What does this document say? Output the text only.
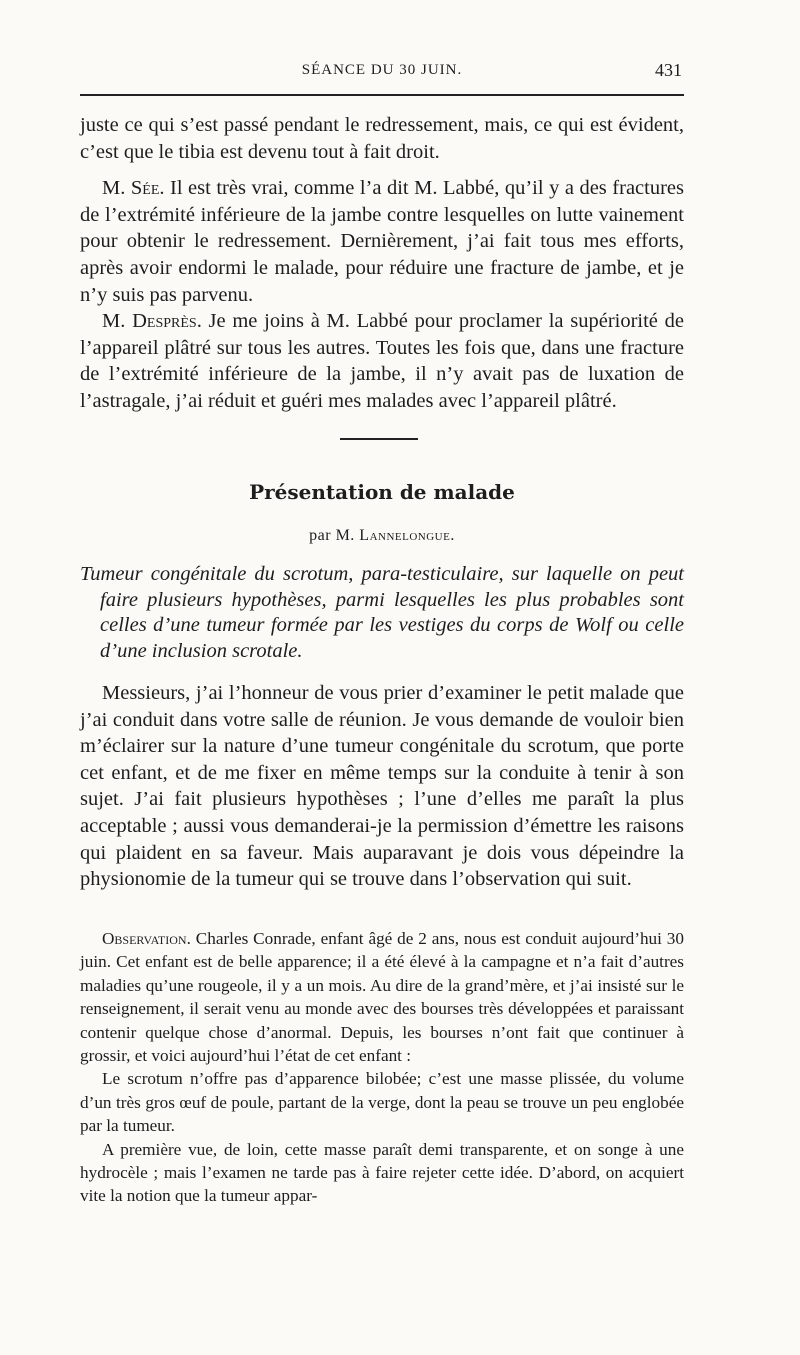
SÉANCE DU 30 JUIN.	431

juste ce qui s’est passé pendant le redressement, mais, ce qui est évident, c’est que le tibia est devenu tout à fait droit.

M. Sée. Il est très vrai, comme l’a dit M. Labbé, qu’il y a des fractures de l’extrémité inférieure de la jambe contre lesquelles on lutte vainement pour obtenir le redressement. Dernièrement, j’ai fait tous mes efforts, après avoir endormi le malade, pour réduire une fracture de jambe, et je n’y suis pas parvenu.

M. Desprès. Je me joins à M. Labbé pour proclamer la supériorité de l’appareil plâtré sur tous les autres. Toutes les fois que, dans une fracture de l’extrémité inférieure de la jambe, il n’y avait pas de luxation de l’astragale, j’ai réduit et guéri mes malades avec l’appareil plâtré.

Présentation de malade
par M. Lannelongue.

Tumeur congénitale du scrotum, para-testiculaire, sur laquelle on peut faire plusieurs hypothèses, parmi lesquelles les plus probables sont celles d’une tumeur formée par les vestiges du corps de Wolf ou celle d’une inclusion scrotale.

Messieurs, j’ai l’honneur de vous prier d’examiner le petit malade que j’ai conduit dans votre salle de réunion. Je vous demande de vouloir bien m’éclairer sur la nature d’une tumeur congénitale du scrotum, que porte cet enfant, et de me fixer en même temps sur la conduite à tenir à son sujet. J’ai fait plusieurs hypothèses ; l’une d’elles me paraît la plus acceptable ; aussi vous demanderai-je la permission d’émettre les raisons qui plaident en sa faveur. Mais auparavant je dois vous dépeindre la physionomie de la tumeur qui se trouve dans l’observation qui suit.

Observation. Charles Conrade, enfant âgé de 2 ans, nous est conduit aujourd’hui 30 juin. Cet enfant est de belle apparence; il a été élevé à la campagne et n’a fait d’autres maladies qu’une rougeole, il y a un mois. Au dire de la grand’mère, et j’ai insisté sur le renseignement, il serait venu au monde avec des bourses très développées et paraissant contenir quelque chose d’anormal. Depuis, les bourses n’ont fait que continuer à grossir, et voici aujourd’hui l’état de cet enfant :

Le scrotum n’offre pas d’apparence bilobée; c’est une masse plissée, du volume d’un très gros œuf de poule, partant de la verge, dont la peau se trouve un peu englobée par la tumeur.

A première vue, de loin, cette masse paraît demi transparente, et on songe à une hydrocèle ; mais l’examen ne tarde pas à faire rejeter cette idée. D’abord, on acquiert vite la notion que la tumeur appar-
